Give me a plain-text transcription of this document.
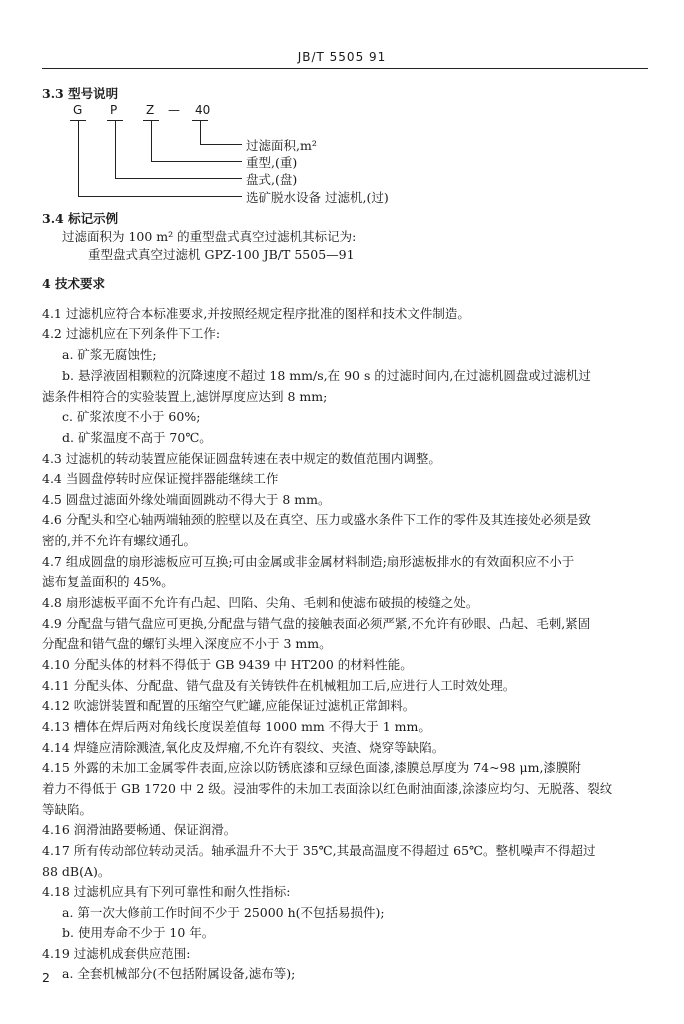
JB/T 5505 91
3.3 型号说明
G P Z — 40
过滤面积,m²
重型,(重)
盘式,(盘)
选矿脱水设备 过滤机,(过)
3.4 标记示例
过滤面积为 100 m² 的重型盘式真空过滤机其标记为:
重型盘式真空过滤机 GPZ-100 JB/T 5505—91
4 技术要求
4.1 过滤机应符合本标准要求,并按照经规定程序批准的图样和技术文件制造。
4.2 过滤机应在下列条件下工作:
a. 矿浆无腐蚀性;
b. 悬浮液固相颗粒的沉降速度不超过 18 mm/s,在 90 s 的过滤时间内,在过滤机圆盘或过滤机过
滤条件相符合的实验装置上,滤饼厚度应达到 8 mm;
c. 矿浆浓度不小于 60%;
d. 矿浆温度不高于 70℃。
4.3 过滤机的转动装置应能保证圆盘转速在表中规定的数值范围内调整。
4.4 当圆盘停转时应保证搅拌器能继续工作
4.5 圆盘过滤面外缘处端面圆跳动不得大于 8 mm。
4.6 分配头和空心轴两端轴颈的腔壁以及在真空、压力或盛水条件下工作的零件及其连接处必须是致
密的,并不允许有螺纹通孔。
4.7 组成圆盘的扇形滤板应可互换;可由金属或非金属材料制造;扇形滤板排水的有效面积应不小于
滤布复盖面积的 45%。
4.8 扇形滤板平面不允许有凸起、凹陷、尖角、毛刺和使滤布破损的棱缝之处。
4.9 分配盘与错气盘应可更换,分配盘与错气盘的接触表面必须严紧,不允许有砂眼、凸起、毛刺,紧固
分配盘和错气盘的螺钉头埋入深度应不小于 3 mm。
4.10 分配头体的材料不得低于 GB 9439 中 HT200 的材料性能。
4.11 分配头体、分配盘、错气盘及有关铸铁件在机械粗加工后,应进行人工时效处理。
4.12 吹滤饼装置和配置的压缩空气贮罐,应能保证过滤机正常卸料。
4.13 槽体在焊后两对角线长度误差值每 1000 mm 不得大于 1 mm。
4.14 焊缝应清除溅渣,氧化皮及焊瘤,不允许有裂纹、夹渣、烧穿等缺陷。
4.15 外露的未加工金属零件表面,应涂以防锈底漆和豆绿色面漆,漆膜总厚度为 74~98 μm,漆膜附
着力不得低于 GB 1720 中 2 级。浸油零件的未加工表面涂以红色耐油面漆,涂漆应均匀、无脱落、裂纹
等缺陷。
4.16 润滑油路要畅通、保证润滑。
4.17 所有传动部位转动灵活。轴承温升不大于 35℃,其最高温度不得超过 65℃。整机噪声不得超过
88 dB(A)。
4.18 过滤机应具有下列可靠性和耐久性指标:
a. 第一次大修前工作时间不少于 25000 h(不包括易损件);
b. 使用寿命不少于 10 年。
4.19 过滤机成套供应范围:
a. 全套机械部分(不包括附属设备,滤布等);
2
